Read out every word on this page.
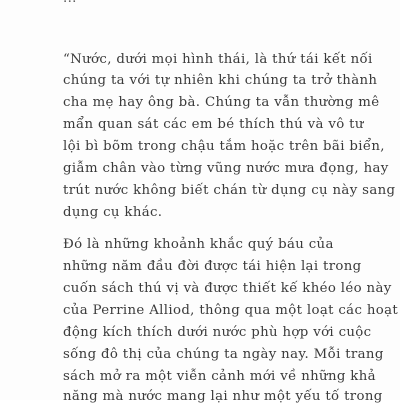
“Nước, dưới mọi hình thái, là thứ tái kết nối
chúng ta với tự nhiên khi chúng ta trở thành
cha mẹ hay ông bà. Chúng ta vẫn thường mê
mẩn quan sát các em bé thích thú và vô tư
lội bì bõm trong chậu tắm hoặc trên bãi biển,
giẫm chân vào từng vũng nước mưa đọng, hay
trút nước không biết chán từ dụng cụ này sang
dụng cụ khác.
Đó là những khoảnh khắc quý báu của
những năm đầu đời được tái hiện lại trong
cuốn sách thú vị và được thiết kế khéo léo này
của Perrine Alliod, thông qua một loạt các hoạt
động kích thích dưới nước phù hợp với cuộc
sống đô thị của chúng ta ngày nay. Mỗi trang
sách mở ra một viễn cảnh mới về những khả
năng mà nước mang lại như một yếu tố trong
